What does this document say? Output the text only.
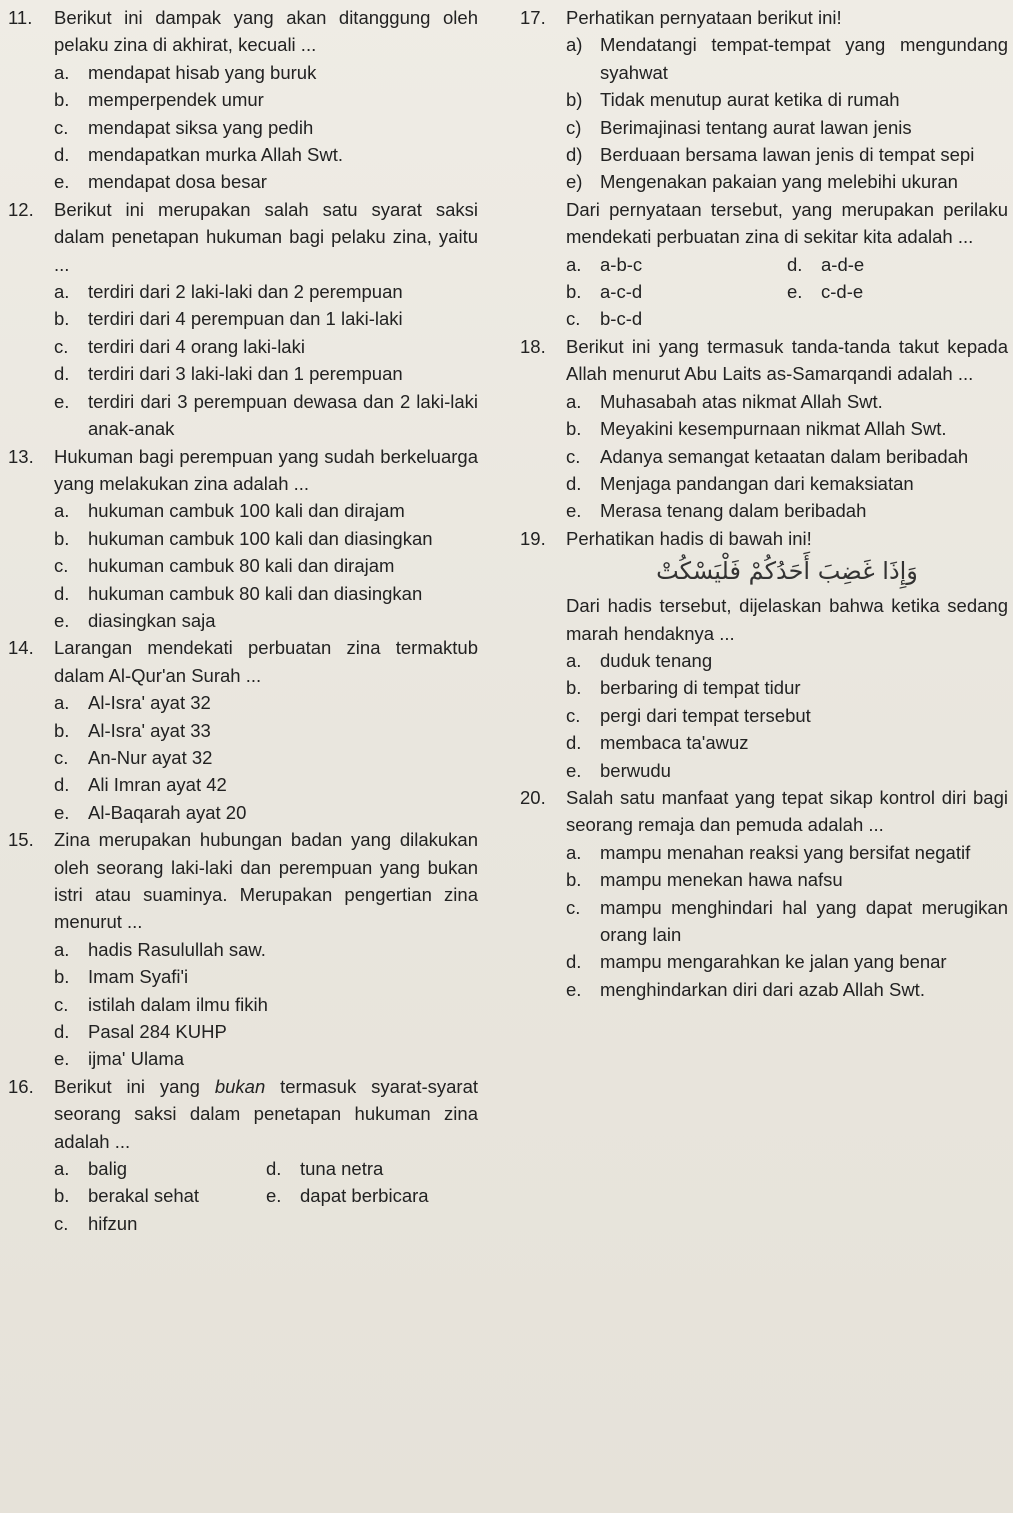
11. Berikut ini dampak yang akan ditanggung oleh pelaku zina di akhirat, kecuali ...

a. mendapat hisab yang buruk

b. memperpendek umur

c. mendapat siksa yang pedih

d. mendapatkan murka Allah Swt.

e. mendapat dosa besar

12. Berikut ini merupakan salah satu syarat saksi dalam penetapan hukuman bagi pelaku zina, yaitu ...

a. terdiri dari 2 laki-laki dan 2 perempuan

b. terdiri dari 4 perempuan dan 1 laki-laki

c. terdiri dari 4 orang laki-laki

d. terdiri dari 3 laki-laki dan 1 perempuan

e. terdiri dari 3 perempuan dewasa dan 2 laki-laki anak-anak

13. Hukuman bagi perempuan yang sudah berkeluarga yang melakukan zina adalah ...

a. hukuman cambuk 100 kali dan dirajam

b. hukuman cambuk 100 kali dan diasingkan

c. hukuman cambuk 80 kali dan dirajam

d. hukuman cambuk 80 kali dan diasingkan

e. diasingkan saja

14. Larangan mendekati perbuatan zina termaktub dalam Al-Qur'an Surah ...

a. Al-Isra' ayat 32

b. Al-Isra' ayat 33

c. An-Nur ayat 32

d. Ali Imran ayat 42

e. Al-Baqarah ayat 20

15. Zina merupakan hubungan badan yang dilakukan oleh seorang laki-laki dan perempuan yang bukan istri atau suaminya. Merupakan pengertian zina menurut ...

a. hadis Rasulullah saw.

b. Imam Syafi'i

c. istilah dalam ilmu fikih

d. Pasal 284 KUHP

e. ijma' Ulama

16. Berikut ini yang bukan termasuk syarat-syarat seorang saksi dalam penetapan hukuman zina adalah ...

a. balig	d. tuna netra
b. berakal sehat	e. dapat berbicara
c. hifzun

17. Perhatikan pernyataan berikut ini!

a) Mendatangi tempat-tempat yang mengundang syahwat

b) Tidak menutup aurat ketika di rumah

c) Berimajinasi tentang aurat lawan jenis

d) Berduaan bersama lawan jenis di tempat sepi

e) Mengenakan pakaian yang melebihi ukuran

Dari pernyataan tersebut, yang merupakan perilaku mendekati perbuatan zina di sekitar kita adalah ...

a. a-b-c	d. a-d-e
b. a-c-d	e. c-d-e
c. b-c-d

18. Berikut ini yang termasuk tanda-tanda takut kepada Allah menurut Abu Laits as-Samarqandi adalah ...

a. Muhasabah atas nikmat Allah Swt.

b. Meyakini kesempurnaan nikmat Allah Swt.

c. Adanya semangat ketaatan dalam beribadah

d. Menjaga pandangan dari kemaksiatan

e. Merasa tenang dalam beribadah

19. Perhatikan hadis di bawah ini!

وَإِذَا غَضِبَ أَحَدُكُمْ فَلْيَسْكُتْ

Dari hadis tersebut, dijelaskan bahwa ketika sedang marah hendaknya ...

a. duduk tenang

b. berbaring di tempat tidur

c. pergi dari tempat tersebut

d. membaca ta'awuz

e. berwudu

20. Salah satu manfaat yang tepat sikap kontrol diri bagi seorang remaja dan pemuda adalah ...

a. mampu menahan reaksi yang bersifat negatif

b. mampu menekan hawa nafsu

c. mampu menghindari hal yang dapat merugikan orang lain

d. mampu mengarahkan ke jalan yang benar

e. menghindarkan diri dari azab Allah Swt.
